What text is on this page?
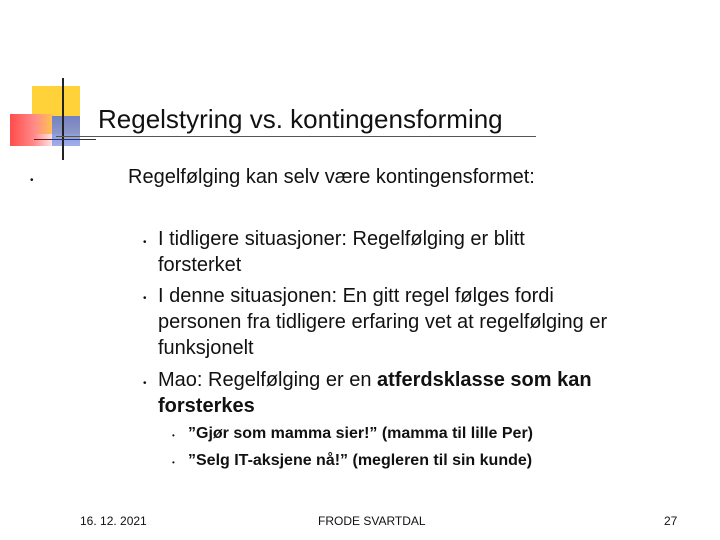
Regelstyring vs. kontingensforming
•	Regelfølging kan selv være kontingensformet:
• I tidligere situasjoner: Regelfølging er blitt
forsterket
• I denne situasjonen: En gitt regel følges fordi
personen fra tidligere erfaring vet at regelfølging er
funksjonelt
• Mao: Regelfølging er en atferdsklasse som kan
forsterkes
• ”Gjør som mamma sier!” (mamma til lille Per)
• ”Selg IT-aksjene nå!” (megleren til sin kunde)
16. 12. 2021	FRODE SVARTDAL	27
